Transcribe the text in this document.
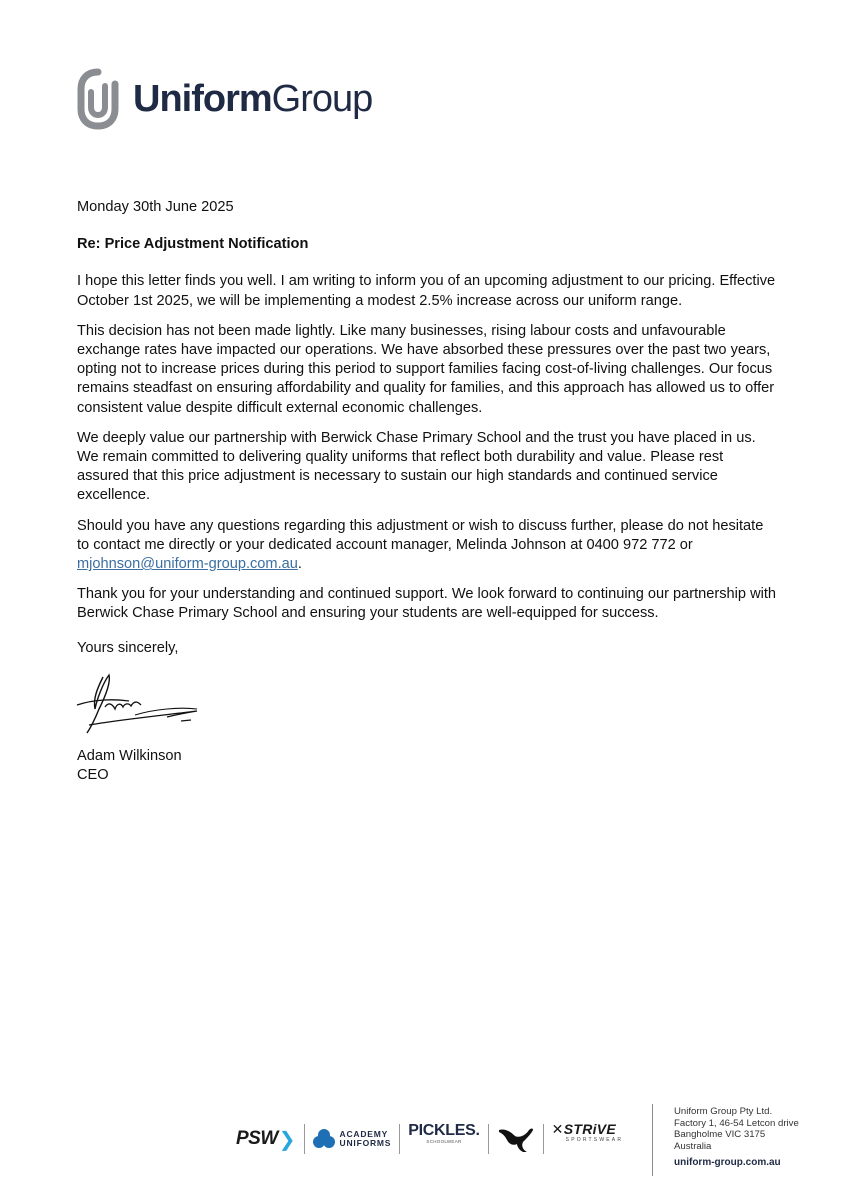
UniformGroup

Monday 30th June 2025

Re: Price Adjustment Notification

I hope this letter finds you well. I am writing to inform you of an upcoming adjustment to our pricing. Effective October 1st 2025, we will be implementing a modest 2.5% increase across our uniform range.

This decision has not been made lightly. Like many businesses, rising labour costs and unfavourable exchange rates have impacted our operations. We have absorbed these pressures over the past two years, opting not to increase prices during this period to support families facing cost-of-living challenges. Our focus remains steadfast on ensuring affordability and quality for families, and this approach has allowed us to offer consistent value despite difficult external economic challenges.

We deeply value our partnership with Berwick Chase Primary School and the trust you have placed in us. We remain committed to delivering quality uniforms that reflect both durability and value. Please rest assured that this price adjustment is necessary to sustain our high standards and continued service excellence.

Should you have any questions regarding this adjustment or wish to discuss further, please do not hesitate to contact me directly or your dedicated account manager, Melinda Johnson at 0400 972 772 or
mjohnson@uniform-group.com.au.

Thank you for your understanding and continued support. We look forward to continuing our partnership with Berwick Chase Primary School and ensuring your students are well-equipped for success.

Yours sincerely,

Adam Wilkinson

CEO

PSW ❯	ACADEMY
UNIFORMS
PICKLES.
SCHOOLWEAR
✕STRiVE
SPORTSWEAR
Uniform Group Pty Ltd.
Factory 1, 46-54 Letcon drive
Bangholme VIC 3175
Australia
uniform-group.com.au
